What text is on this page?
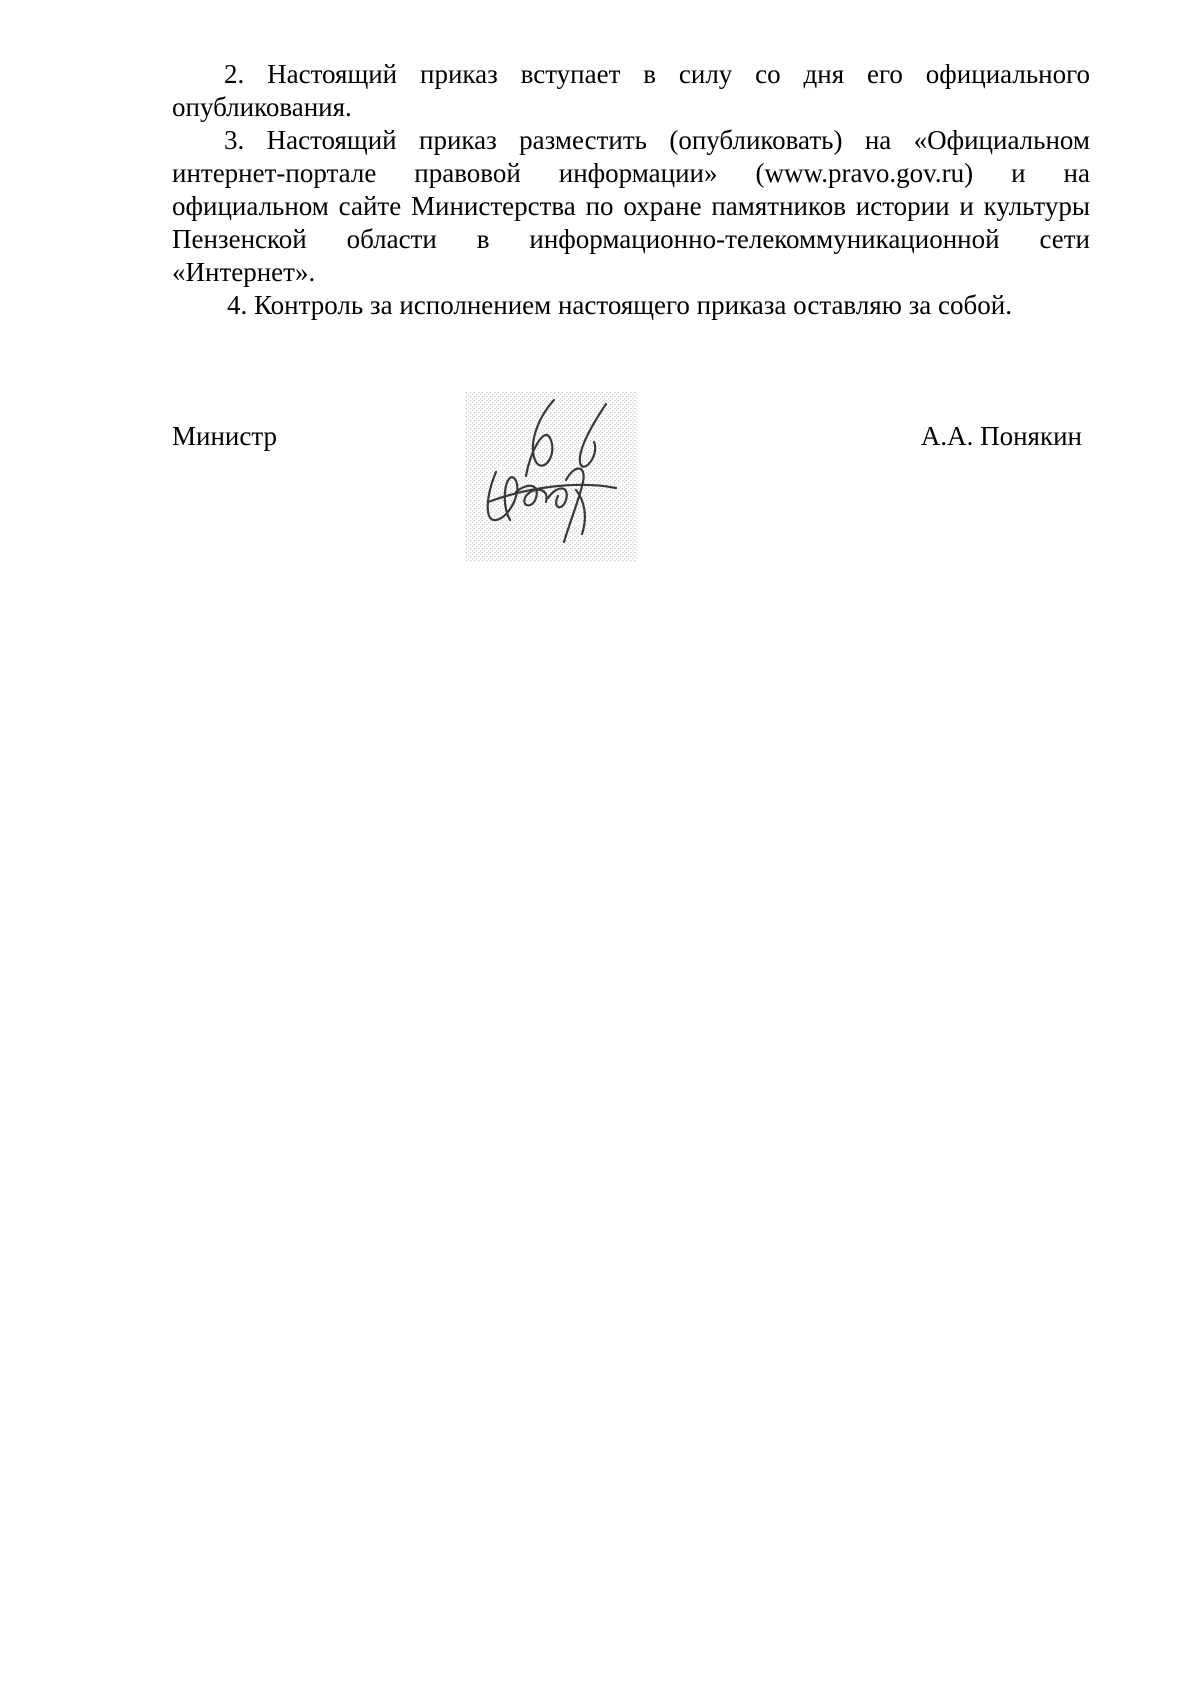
2. Настоящий приказ вступает в силу со дня его официального опубликования.

3. Настоящий приказ разместить (опубликовать) на «Официальном интернет-портале правовой информации» (www.pravo.gov.ru) и на официальном сайте Министерства по охране памятников истории и культуры Пензенской области в информационно-телекоммуникационной сети «Интернет».

4. Контроль за исполнением настоящего приказа оставляю за собой.

Министр	А.А. Понякин
